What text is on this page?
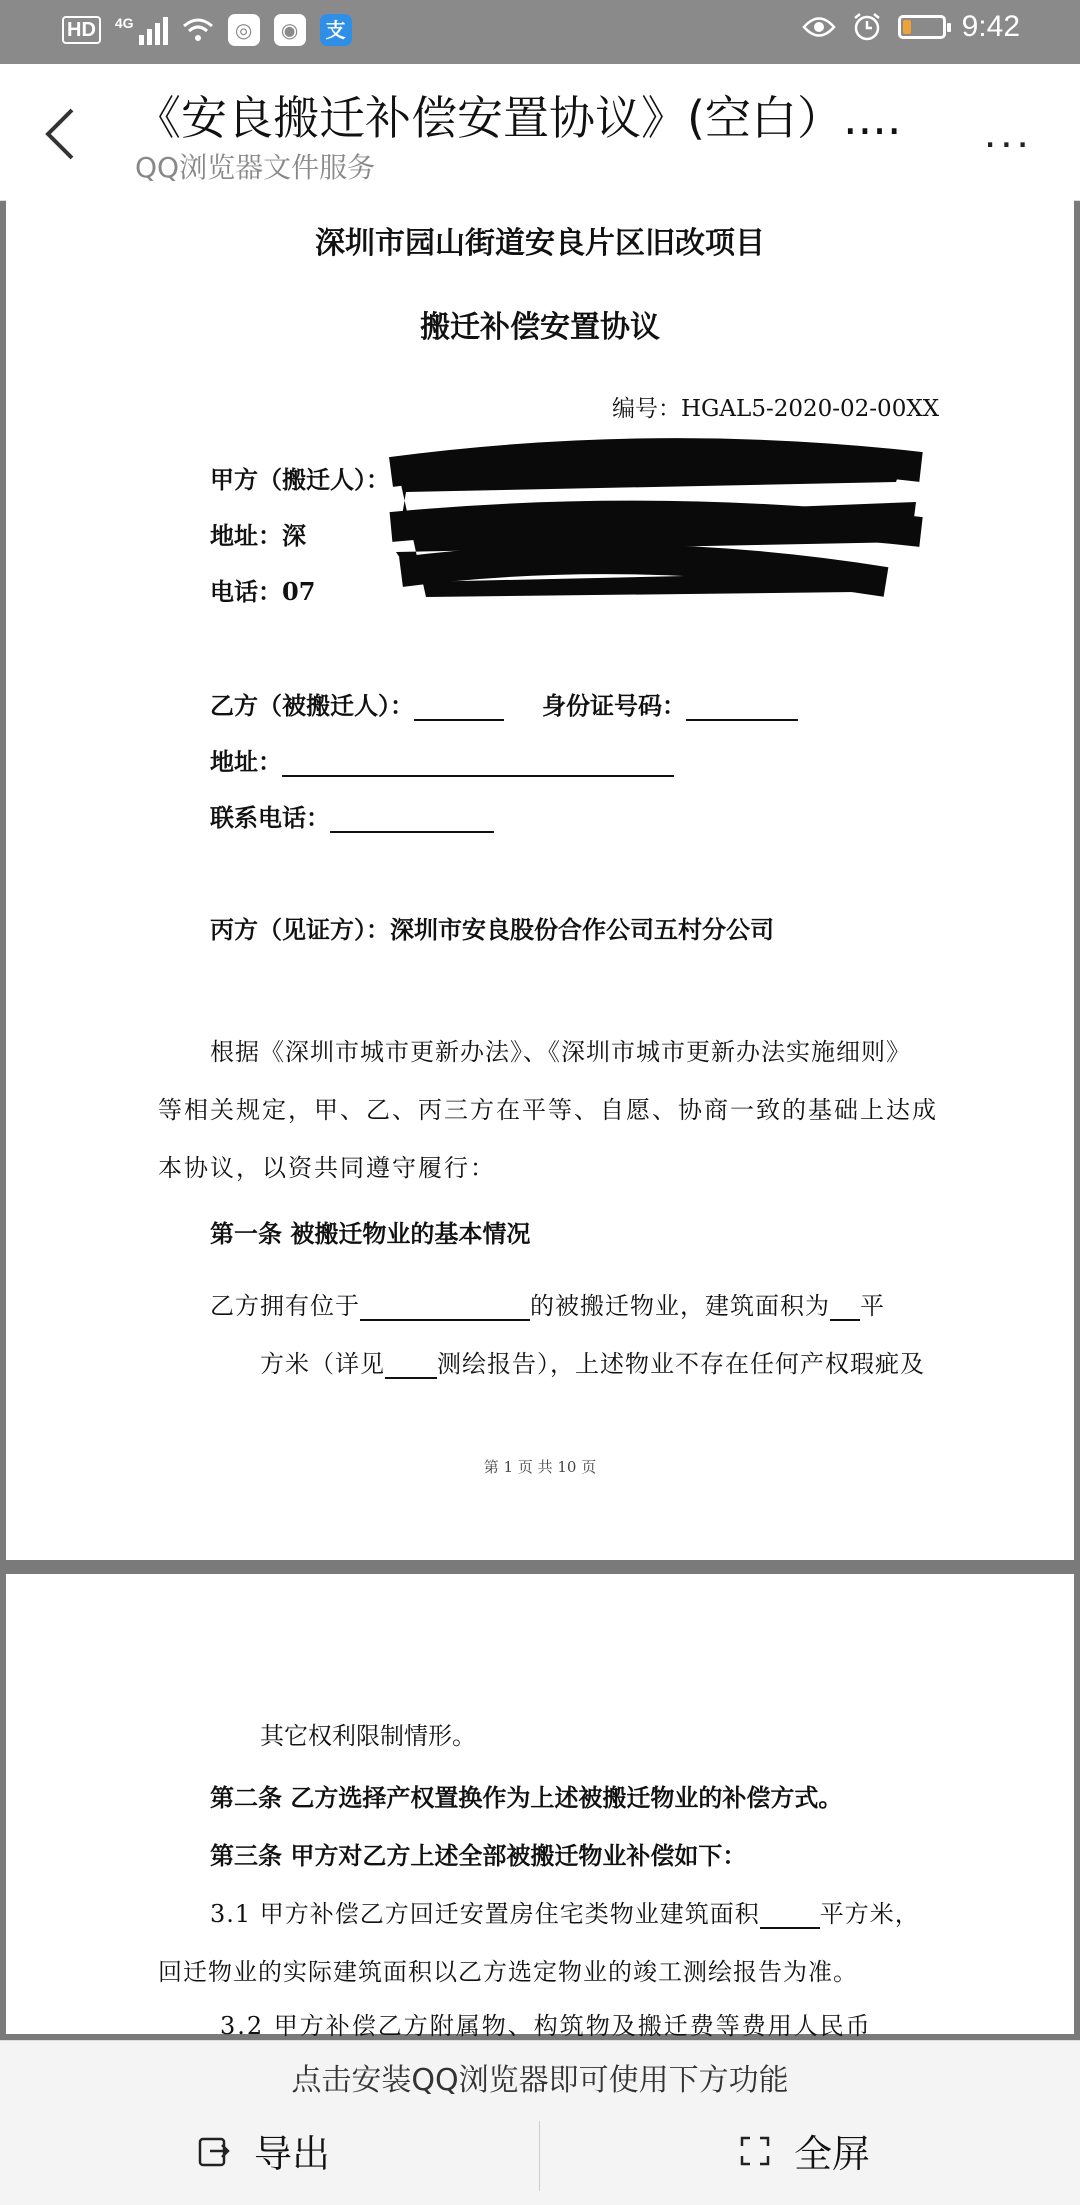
HD	4G	◎	◉	支	9:42
《安良搬迁补偿安置协议》(空白）....
QQ浏览器文件服务
...
深圳市园山街道安良片区旧改项目
搬迁补偿安置协议
编号：HGAL5-2020-02-00XX
甲方（搬迁人）：
地址：深
电话：07
乙方（被搬迁人）：	身份证号码：
地址：
联系电话：
丙方（见证方）：深圳市安良股份合作公司五村分公司
根据《深圳市城市更新办法》、《深圳市城市更新办法实施细则》
等相关规定，甲、乙、丙三方在平等、自愿、协商一致的基础上达成
本协议，以资共同遵守履行：
第一条 被搬迁物业的基本情况
乙方拥有位于	的被搬迁物业，建筑面积为 平
方米（详见 测绘报告），上述物业不存在任何产权瑕疵及
第 1 页 共 10 页
其它权利限制情形。
第二条 乙方选择产权置换作为上述被搬迁物业的补偿方式。
第三条 甲方对乙方上述全部被搬迁物业补偿如下：
3.1 甲方补偿乙方回迁安置房住宅类物业建筑面积	平方米，
回迁物业的实际建筑面积以乙方选定物业的竣工测绘报告为准。
3.2 甲方补偿乙方附属物、构筑物及搬迁费等费用人民币
点击安装QQ浏览器即可使用下方功能
导出	全屏
